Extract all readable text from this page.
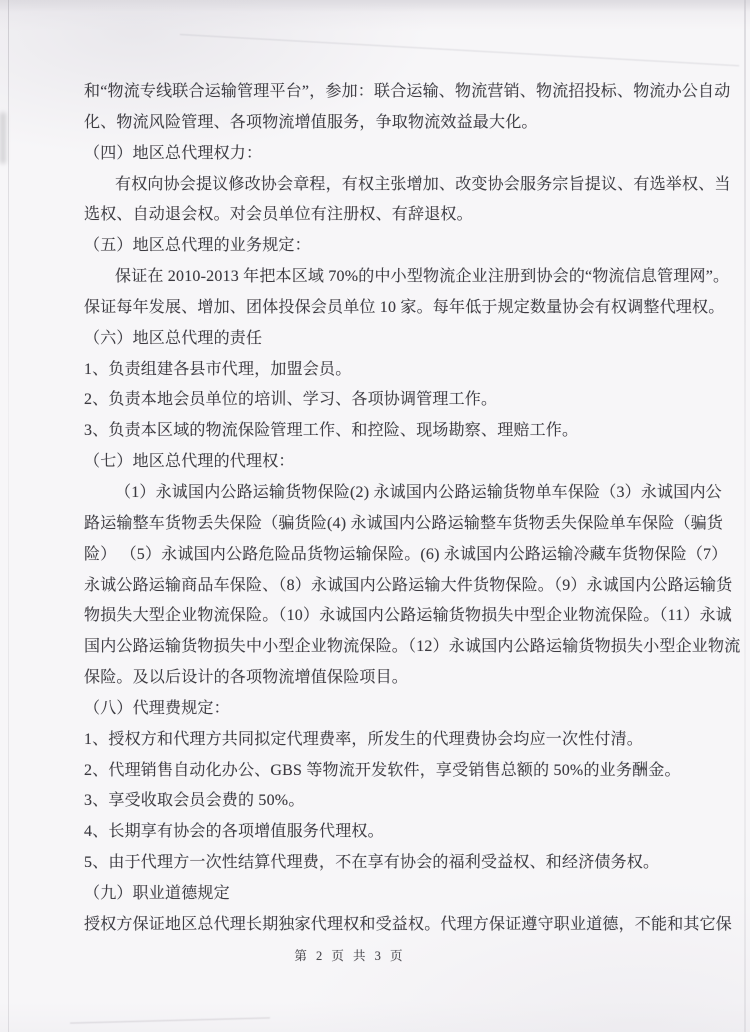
和“物流专线联合运输管理平台”，参加：联合运输、物流营销、物流招投标、物流办公自动
化、物流风险管理、各项物流增值服务，争取物流效益最大化。
（四）地区总代理权力：
有权向协会提议修改协会章程，有权主张增加、改变协会服务宗旨提议、有选举权、当
选权、自动退会权。对会员单位有注册权、有辞退权。
（五）地区总代理的业务规定：
保证在 2010-2013 年把本区域 70%的中小型物流企业注册到协会的“物流信息管理网”。
保证每年发展、增加、团体投保会员单位 10 家。每年低于规定数量协会有权调整代理权。
（六）地区总代理的责任
1、负责组建各县市代理，加盟会员。
2、负责本地会员单位的培训、学习、各项协调管理工作。
3、负责本区域的物流保险管理工作、和控险、现场勘察、理赔工作。
（七）地区总代理的代理权：
（1）永诚国内公路运输货物保险(2) 永诚国内公路运输货物单车保险（3）永诚国内公
路运输整车货物丢失保险（骗货险(4) 永诚国内公路运输整车货物丢失保险单车保险（骗货
险） （5）永诚国内公路危险品货物运输保险。(6) 永诚国内公路运输冷藏车货物保险（7）
永诚公路运输商品车保险、（8）永诚国内公路运输大件货物保险。（9）永诚国内公路运输货
物损失大型企业物流保险。（10）永诚国内公路运输货物损失中型企业物流保险。（11）永诚
国内公路运输货物损失中小型企业物流保险。（12）永诚国内公路运输货物损失小型企业物流
保险。及以后设计的各项物流增值保险项目。
（八）代理费规定：
1、授权方和代理方共同拟定代理费率，所发生的代理费协会均应一次性付清。
2、代理销售自动化办公、GBS 等物流开发软件，享受销售总额的 50%的业务酬金。
3、享受收取会员会费的 50%。
4、长期享有协会的各项增值服务代理权。
5、由于代理方一次性结算代理费，不在享有协会的福利受益权、和经济债务权。
（九）职业道德规定
授权方保证地区总代理长期独家代理权和受益权。代理方保证遵守职业道德，不能和其它保
第 2 页 共 3 页
